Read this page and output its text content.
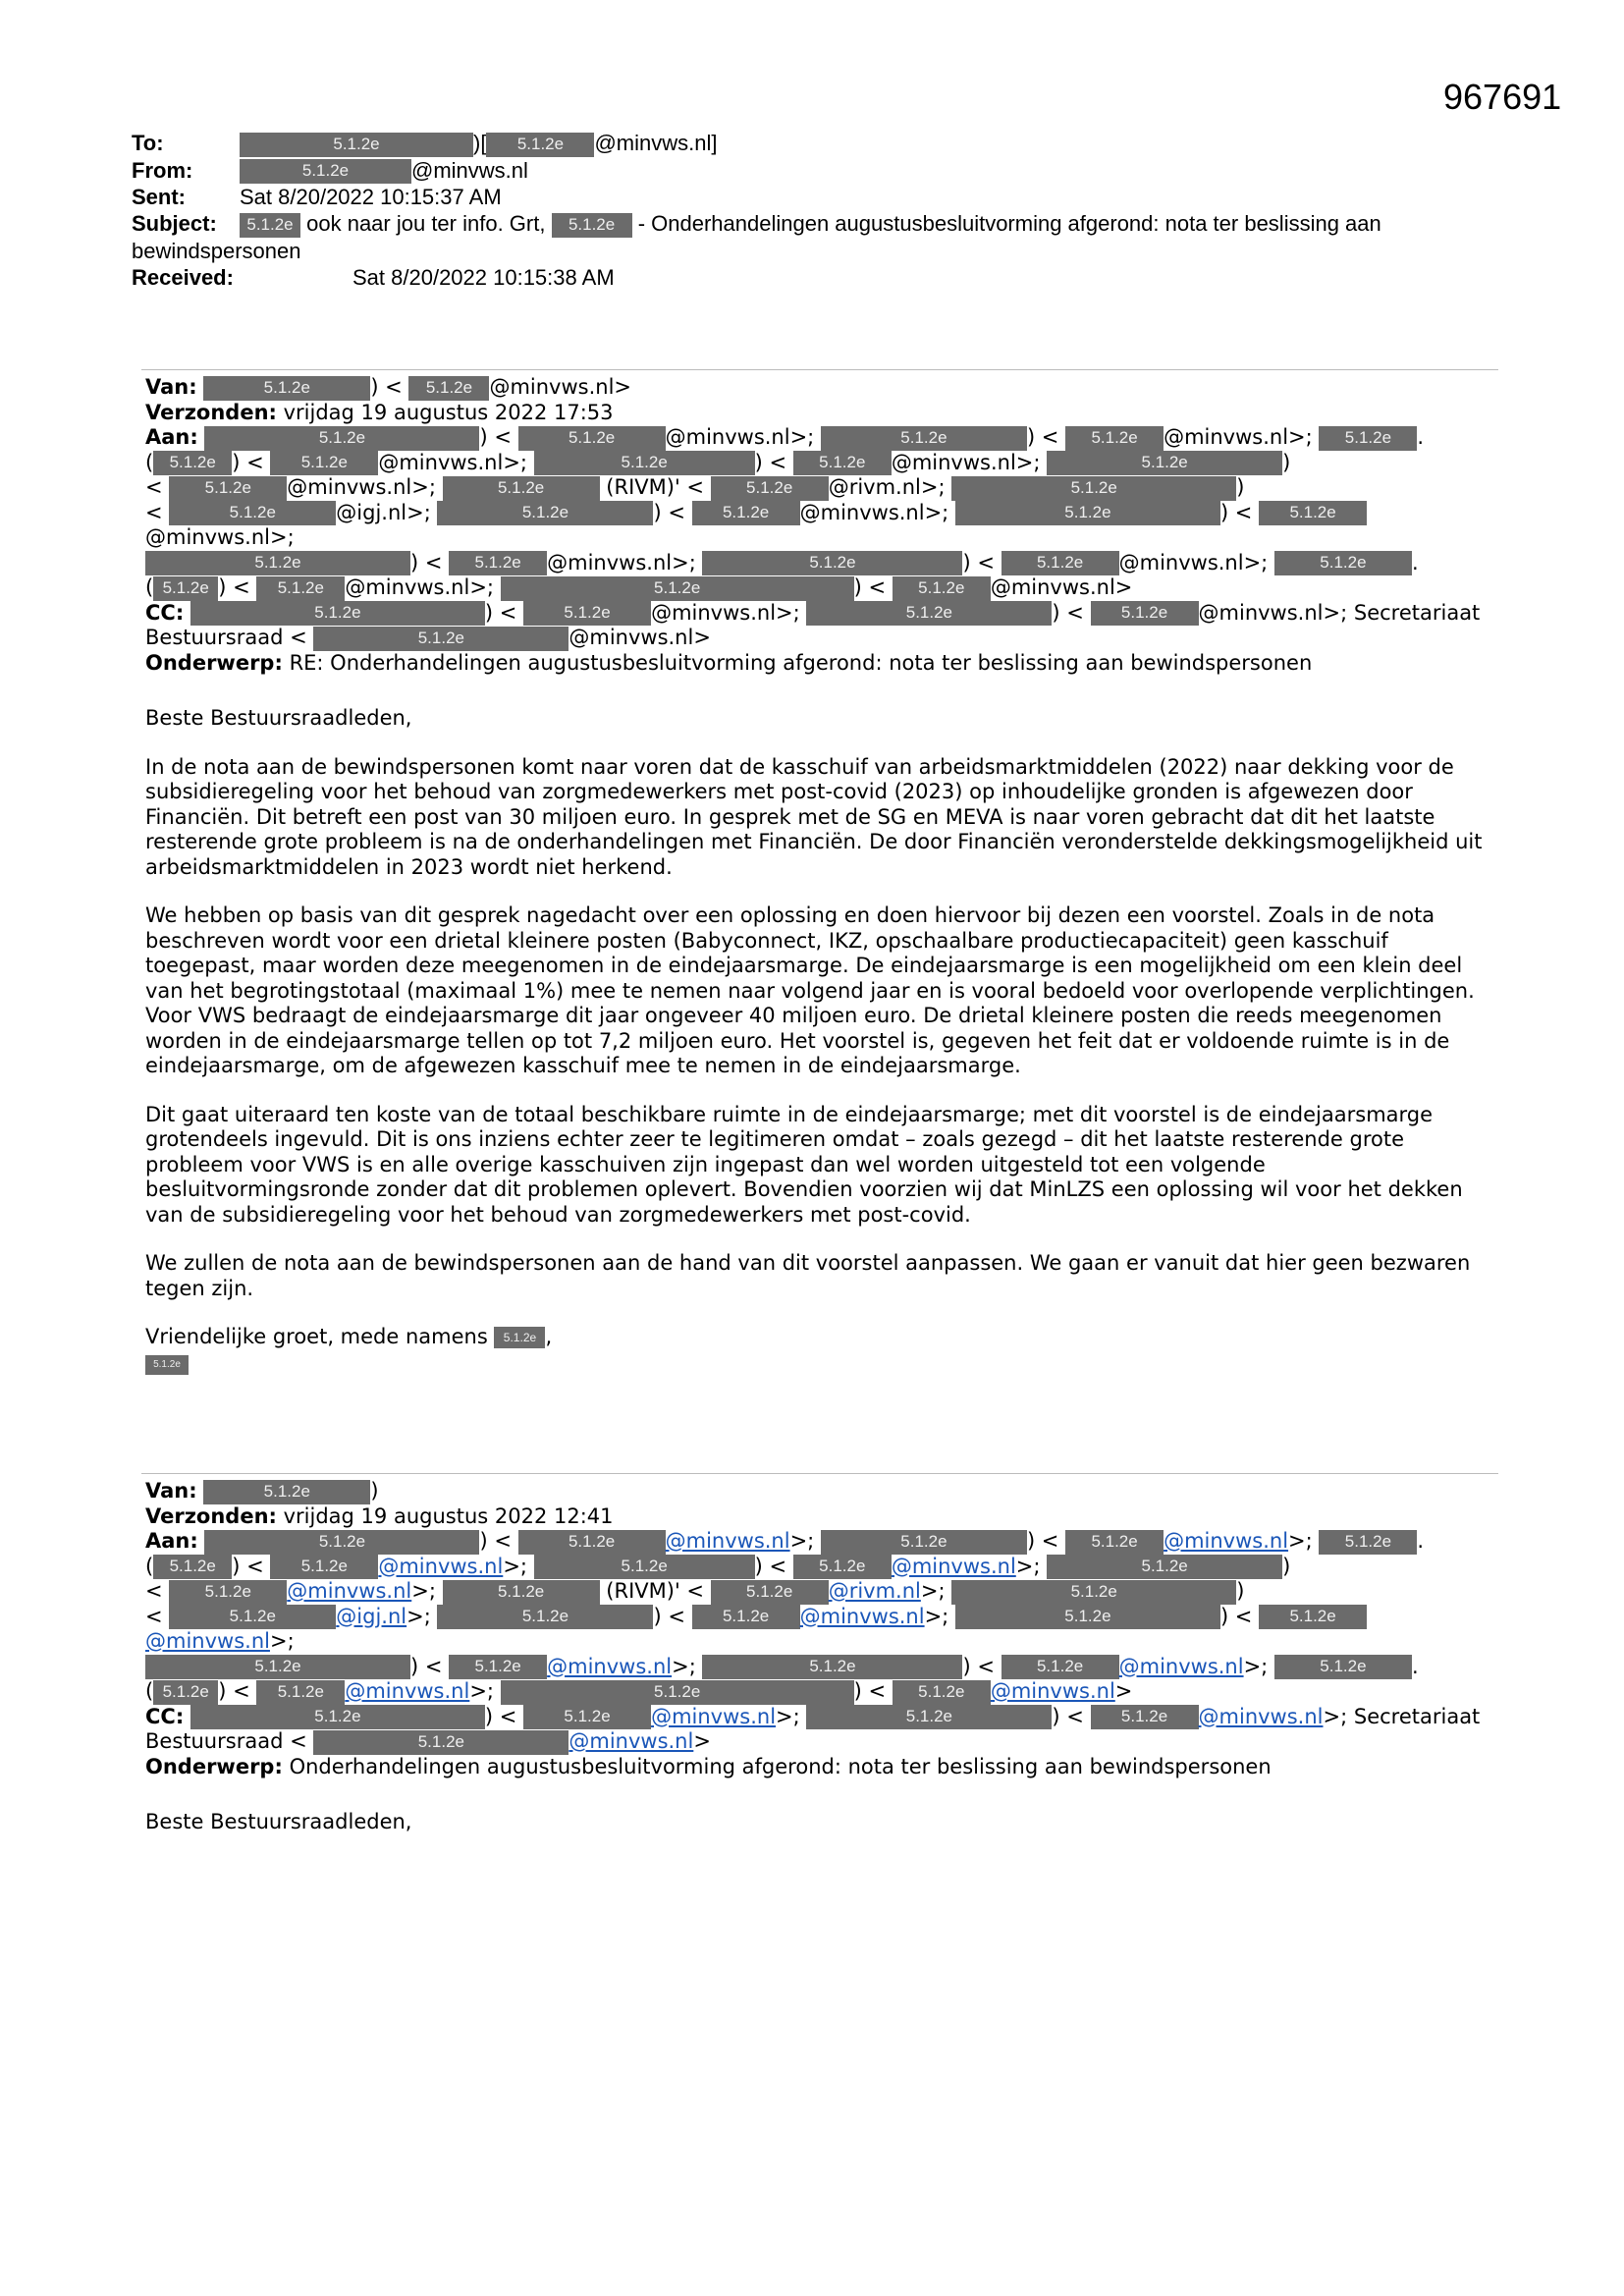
967691
To:	5.1.2e	)[ 5.1.2e @minvws.nl]
From:	5.1.2e	@minvws.nl
Sent:	Sat 8/20/2022 10:15:37 AM
Subject: 5.1.2e ook naar jou ter info. Grt, 5.1.2e - Onderhandelingen augustusbesluitvorming afgerond: nota ter beslissing aan
bewindspersonen
Received:	Sat 8/20/2022 10:15:38 AM

Van:	5.1.2e	) < 5.1.2e @minvws.nl>

Verzonden: vrijdag 19 augustus 2022 17:53

Aan:	5.1.2e	) <	5.1.2e @minvws.nl>;	5.1.2e	) < 5.1.2e @minvws.nl>; 5.1.2e .

( 5.1.2e ) < 5.1.2e @minvws.nl>;	5.1.2e	) < 5.1.2e @minvws.nl>;	5.1.2e	)

< 5.1.2e @minvws.nl>;	5.1.2e	(RIVM)' < 5.1.2e @rivm.nl>;	5.1.2e	)

<	5.1.2e	@igj.nl>;	5.1.2e	) < 5.1.2e @minvws.nl>;	5.1.2e	) < 5.1.2e@minvws.nl>;

5.1.2e	) < 5.1.2e @minvws.nl>;	5.1.2e	) < 5.1.2e @minvws.nl>;	5.1.2e .

( 5.1.2e ) < 5.1.2e @minvws.nl>;	5.1.2e	) < 5.1.2e @minvws.nl>

CC:	5.1.2e	) < 5.1.2e @minvws.nl>;	5.1.2e	) < 5.1.2e @minvws.nl>; Secretariaat

Bestuursraad <	5.1.2e	@minvws.nl>

Onderwerp: RE: Onderhandelingen augustusbesluitvorming afgerond: nota ter beslissing aan bewindspersonen

Beste Bestuursraadleden,

In de nota aan de bewindspersonen komt naar voren dat de kasschuif van arbeidsmarktmiddelen (2022) naar dekking voor de subsidieregeling voor het behoud van zorgmedewerkers met post-covid (2023) op inhoudelijke gronden is afgewezen door Financiën. Dit betreft een post van 30 miljoen euro. In gesprek met de SG en MEVA is naar voren gebracht dat dit het laatste resterende grote probleem is na de onderhandelingen met Financiën. De door Financiën veronderstelde dekkingsmogelijkheid uit arbeidsmarktmiddelen in 2023 wordt niet herkend.

We hebben op basis van dit gesprek nagedacht over een oplossing en doen hiervoor bij dezen een voorstel. Zoals in de nota beschreven wordt voor een drietal kleinere posten (Babyconnect, IKZ, opschaalbare productiecapaciteit) geen kasschuif toegepast, maar worden deze meegenomen in de eindejaarsmarge. De eindejaarsmarge is een mogelijkheid om een klein deel van het begrotingstotaal (maximaal 1%) mee te nemen naar volgend jaar en is vooral bedoeld voor overlopende verplichtingen. Voor VWS bedraagt de eindejaarsmarge dit jaar ongeveer 40 miljoen euro. De drietal kleinere posten die reeds meegenomen worden in de eindejaarsmarge tellen op tot 7,2 miljoen euro. Het voorstel is, gegeven het feit dat er voldoende ruimte is in de eindejaarsmarge, om de afgewezen kasschuif mee te nemen in de eindejaarsmarge.

Dit gaat uiteraard ten koste van de totaal beschikbare ruimte in de eindejaarsmarge; met dit voorstel is de eindejaarsmarge grotendeels ingevuld. Dit is ons inziens echter zeer te legitimeren omdat – zoals gezegd – dit het laatste resterende grote probleem voor VWS is en alle overige kasschuiven zijn ingepast dan wel worden uitgesteld tot een volgende besluitvormingsronde zonder dat dit problemen oplevert. Bovendien voorzien wij dat MinLZS een oplossing wil voor het dekken van de subsidieregeling voor het behoud van zorgmedewerkers met post-covid.

We zullen de nota aan de bewindspersonen aan de hand van dit voorstel aanpassen. We gaan er vanuit dat hier geen bezwaren tegen zijn.

Vriendelijke groet, mede namens 5.1.2e ,

5.1.2e

Van:	5.1.2e	)

Verzonden: vrijdag 19 augustus 2022 12:41

Aan:	5.1.2e	) <	5.1.2e @minvws.nl>;	5.1.2e	) < 5.1.2e @minvws.nl>; 5.1.2e .

( 5.1.2e ) < 5.1.2e @minvws.nl>;	5.1.2e	) < 5.1.2e @minvws.nl>;	5.1.2e	)

< 5.1.2e @minvws.nl>;	5.1.2e	(RIVM)' < 5.1.2e @rivm.nl>;	5.1.2e	)

<	5.1.2e	@igj.nl>;	5.1.2e	) < 5.1.2e @minvws.nl>;	5.1.2e	) < 5.1.2e@minvws.nl>;

5.1.2e	) < 5.1.2e @minvws.nl>;	5.1.2e	) < 5.1.2e @minvws.nl>;	5.1.2e .

( 5.1.2e ) < 5.1.2e @minvws.nl>;	5.1.2e	) < 5.1.2e @minvws.nl>

CC:	5.1.2e	) < 5.1.2e @minvws.nl>;	5.1.2e	) < 5.1.2e @minvws.nl>; Secretariaat

Bestuursraad <	5.1.2e	@minvws.nl>

Onderwerp: Onderhandelingen augustusbesluitvorming afgerond: nota ter beslissing aan bewindspersonen

Beste Bestuursraadleden,
